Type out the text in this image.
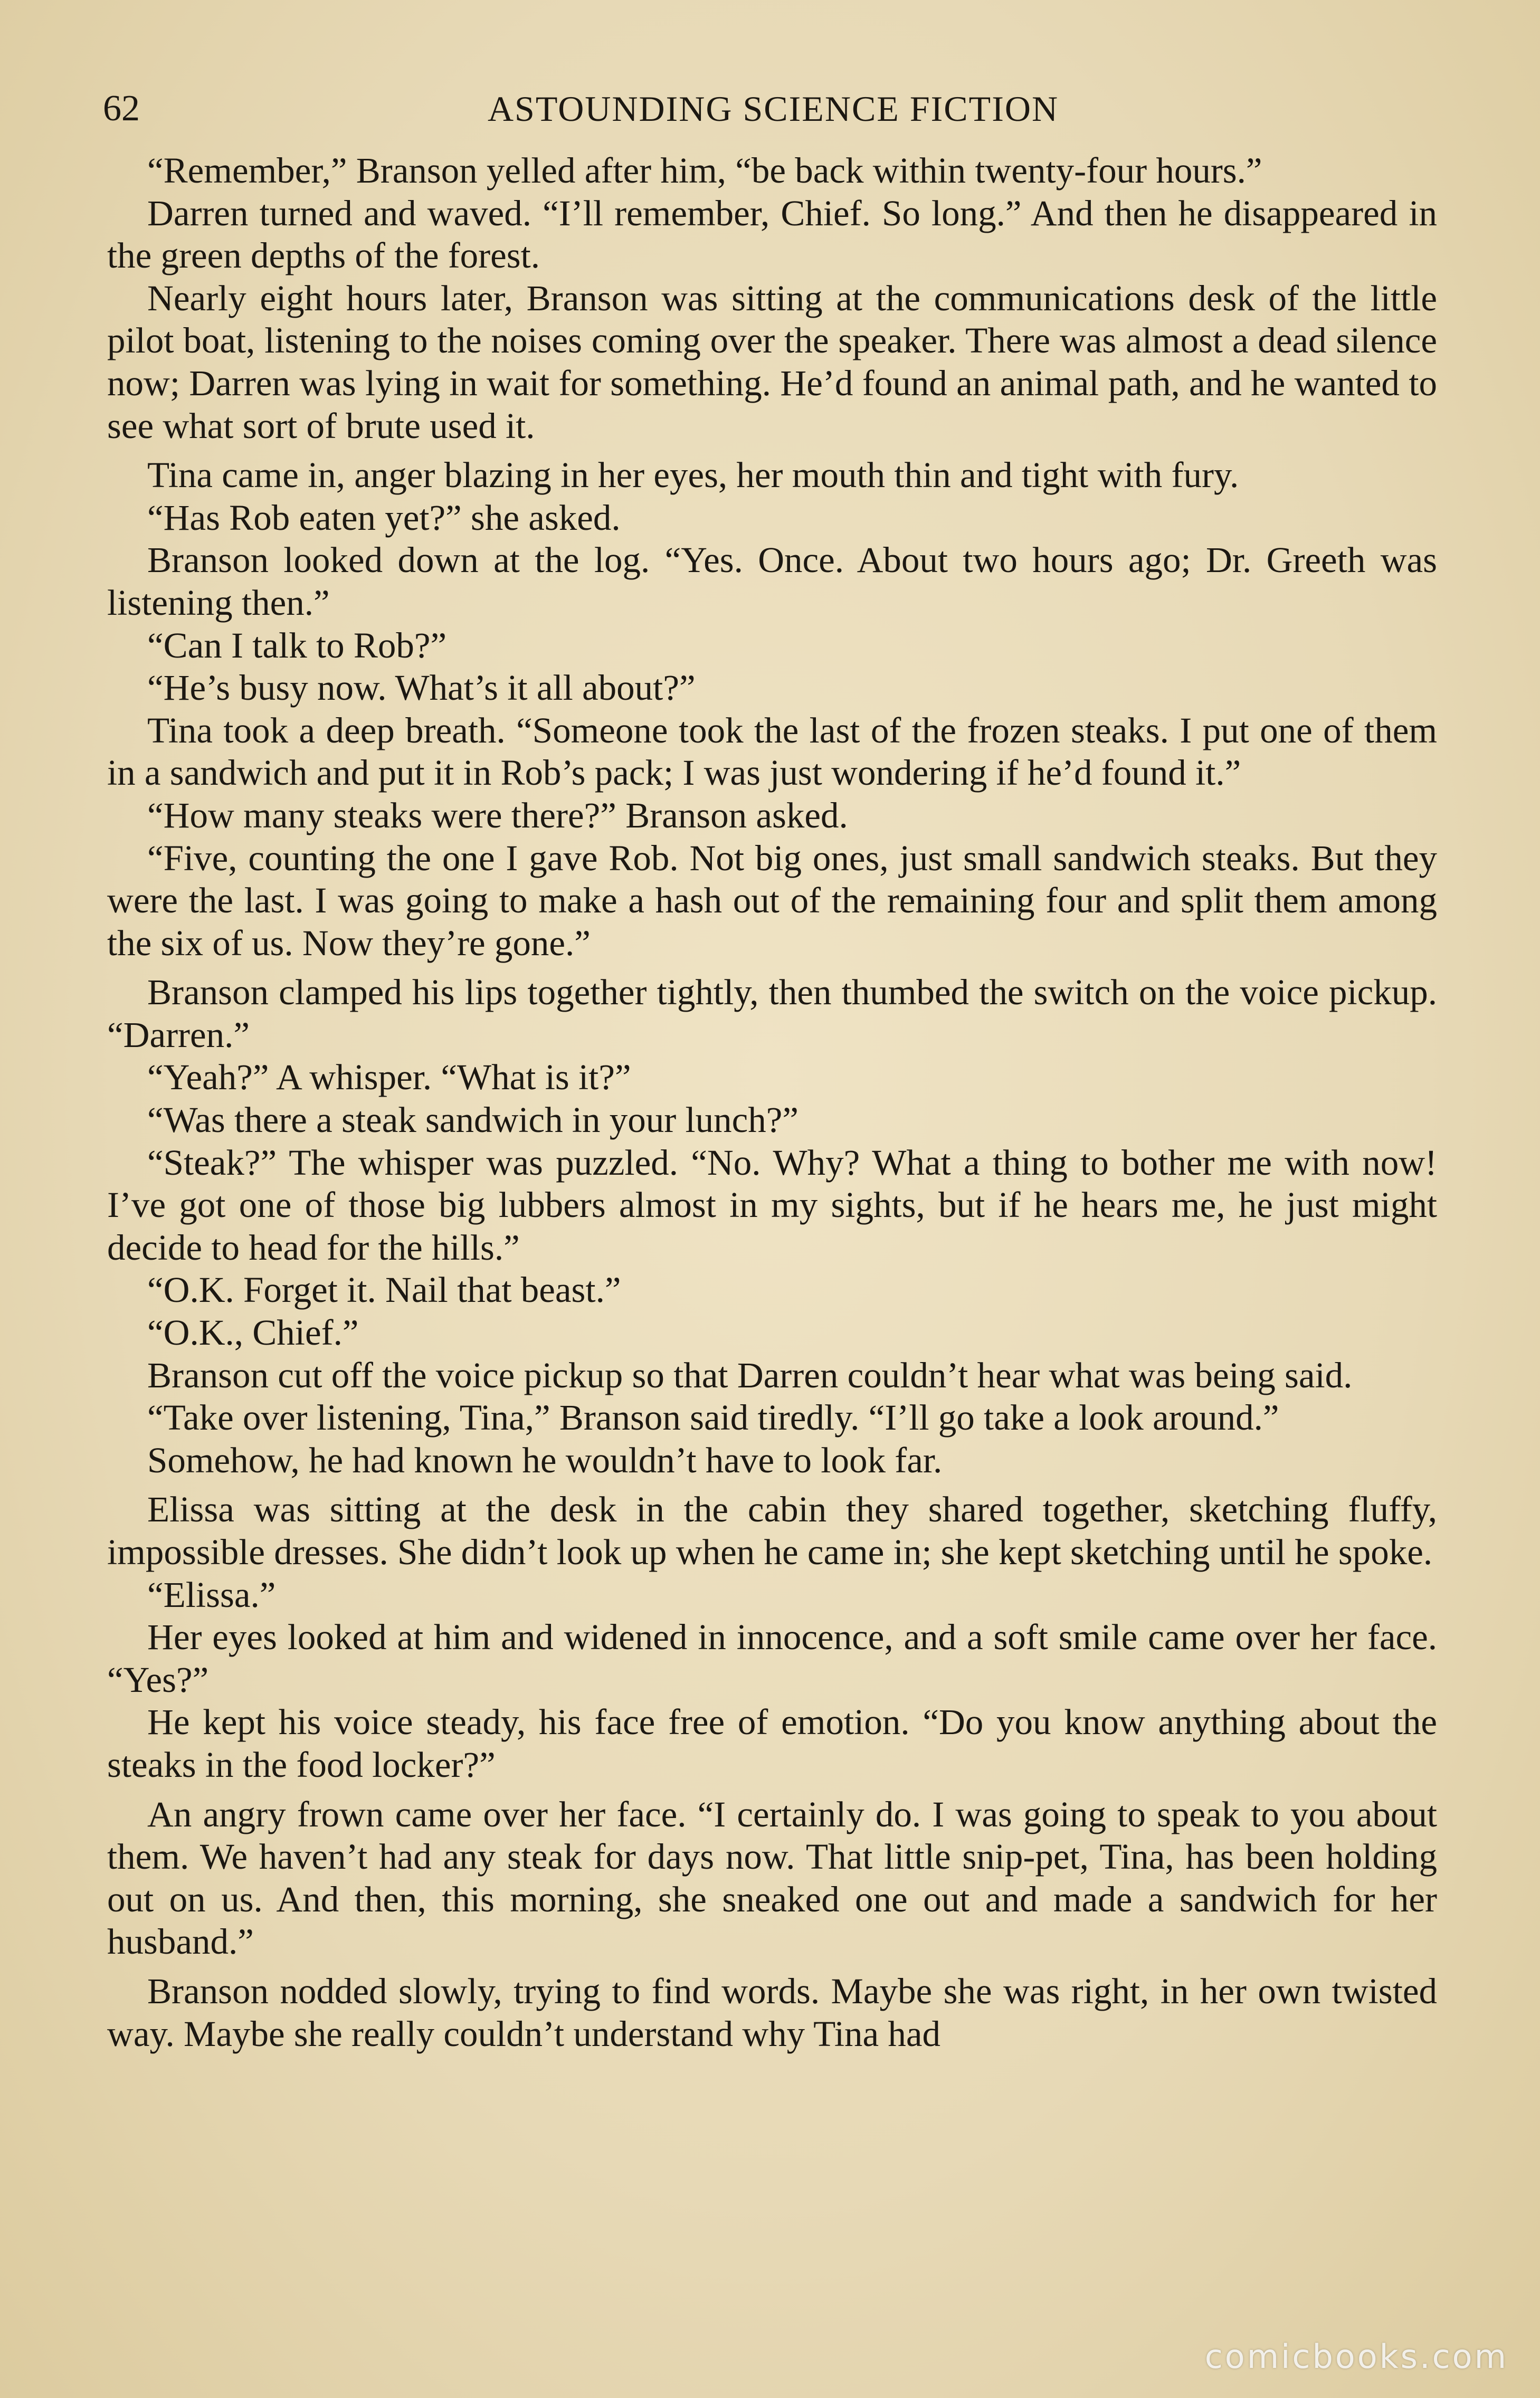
62	ASTOUNDING SCIENCE FICTION

“Remember,” Branson yelled after him, “be back within twenty-four hours.”

Darren turned and waved. “I’ll remember, Chief. So long.” And then he disappeared in the green depths of the forest.

Nearly eight hours later, Branson was sitting at the communications desk of the little pilot boat, listening to the noises coming over the speaker. There was almost a dead silence now; Darren was lying in wait for something. He’d found an animal path, and he wanted to see what sort of brute used it.

Tina came in, anger blazing in her eyes, her mouth thin and tight with fury.

“Has Rob eaten yet?” she asked.

Branson looked down at the log. “Yes. Once. About two hours ago; Dr. Greeth was listening then.”

“Can I talk to Rob?”

“He’s busy now. What’s it all about?”

Tina took a deep breath. “Someone took the last of the frozen steaks. I put one of them in a sandwich and put it in Rob’s pack; I was just wondering if he’d found it.”

“How many steaks were there?” Branson asked.

“Five, counting the one I gave Rob. Not big ones, just small sandwich steaks. But they were the last. I was going to make a hash out of the remaining four and split them among the six of us. Now they’re gone.”

Branson clamped his lips together tightly, then thumbed the switch on the voice pickup. “Darren.”

“Yeah?” A whisper. “What is it?”

“Was there a steak sandwich in your lunch?”

“Steak?” The whisper was puzzled. “No. Why? What a thing to bother me with now! I’ve got one of those big lubbers almost in my sights, but if he hears me, he just might decide to head for the hills.”

“O.K. Forget it. Nail that beast.”

“O.K., Chief.”

Branson cut off the voice pickup so that Darren couldn’t hear what was being said.

“Take over listening, Tina,” Branson said tiredly. “I’ll go take a look around.”

Somehow, he had known he wouldn’t have to look far.

Elissa was sitting at the desk in the cabin they shared together, sketching fluffy, impossible dresses. She didn’t look up when he came in; she kept sketching until he spoke.

“Elissa.”

Her eyes looked at him and widened in innocence, and a soft smile came over her face. “Yes?”

He kept his voice steady, his face free of emotion. “Do you know anything about the steaks in the food locker?”

An angry frown came over her face. “I certainly do. I was going to speak to you about them. We haven’t had any steak for days now. That little snip-pet, Tina, has been holding out on us. And then, this morning, she sneaked one out and made a sandwich for her husband.”

Branson nodded slowly, trying to find words. Maybe she was right, in her own twisted way. Maybe she really couldn’t understand why Tina had

comicbooks.com
